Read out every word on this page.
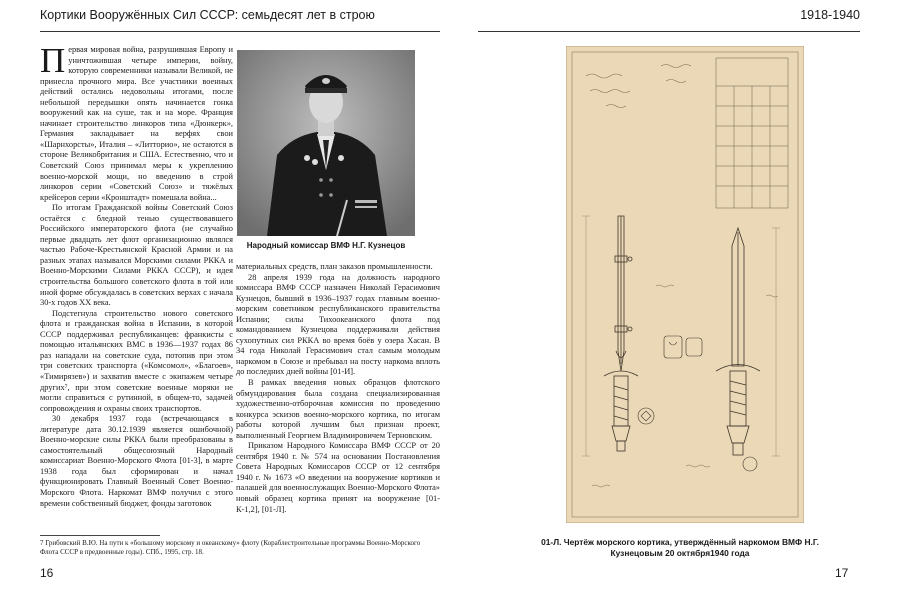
Кортики Вооружённых Сил СССР: семьдесят лет в строю	1918-1940
П ервая мировая война, разрушившая Европу и уничтожившая четыре империи, войну, которую современники называли Великой, не принесла прочного мира. Все участники военных действий остались недовольны итогами, после небольшой передышки опять начинается гонка вооружений как на суше, так и на море. Франция начинает строительство линкоров типа «Дюнкерк», Германия закладывает на верфях свои «Шарнхорсты», Италия – «Литторио», не остаются в стороне Великобритания и США. Естественно, что и Советский Союз принимал меры к укреплению военно-морской мощи, но введению в строй линкоров серии «Советский Союз» и тяжёлых крейсеров серии «Кронштадт» помешала война...

По итогам Гражданской войны Советский Союз остаётся с бледной тенью существовавшего Российского императорского флота (не случайно первые двадцать лет флот организационно являлся частью Рабоче-Крестьянской Красной Армии и на разных этапах назывался Морскими силами РККА и Военно-Морскими Силами РККА СССР), и идея строительства большого советского флота в той или иной форме обсуждалась в советских верхах с начала 30-х годов XX века.

Подстегнула строительство нового советского флота и гражданская война в Испании, в которой СССР поддерживал республиканцев: франкисты с помощью итальянских ВМС в 1936—1937 годах 86 раз нападали на советские суда, потопив при этом три советских транспорта («Комсомол», «Благоев», «Тимирязев») и захватив вместе с экипажем четыре других⁷, при этом советские военные моряки не могли справиться с рутинной, в общем-то, задачей сопровождения и охраны своих транспортов.

30 декабря 1937 года (встречающаяся в литературе дата 30.12.1939 является ошибочной) Военно-морские силы РККА были преобразованы в самостоятельный общесоюзный Народный комиссариат Военно-Морского Флота [01-3], в марте 1938 года был сформирован и начал функционировать Главный Военный Совет Военно-Морского Флота. Наркомат ВМФ получил с этого времени собственный бюджет, фонды заготовок

Народный комиссар ВМФ Н.Г. Кузнецов

материальных средств, план заказов промышленности.

28 апреля 1939 года на должность народного комиссара ВМФ СССР назначен Николай Герасимович Кузнецов, бывший в 1936–1937 годах главным военно-морским советником республиканского правительства Испании; силы Тихоокеанского флота под командованием Кузнецова поддерживали действия сухопутных сил РККА во время боёв у озера Хасан. В 34 года Николай Герасимович стал самым молодым наркомом в Союзе и пребывал на посту наркома вплоть до последних дней войны [01-И].

В рамках введения новых образцов флотского обмундирования была создана специализированная художественно-отборочная комиссия по проведению конкурса эскизов военно-морского кортика, по итогам работы которой лучшим был признан проект, выполненный Георгием Владимировичем Терновским.

Приказом Народного Комиссара ВМФ СССР от 20 сентября 1940 г. № 574 на основании Постановления Совета Народных Комиссаров СССР от 12 сентября 1940 г. № 1673 «О введении на вооружение кортиков и палашей для военнослужащих Военно-Морского Флота» новый образец кортика принят на вооружение [01-К-1,2], [01-Л].

7 Грибовский В.Ю. На пути к «большому морскому и океанскому» флоту (Кораблестроительные программы Военно-Морского Флота СССР в предвоенные годы). СПб., 1995, стр. 18.
16
01-Л. Чертёж морского кортика, утверждённый наркомом ВМФ Н.Г. Кузнецовым 20 октября1940 года
17
